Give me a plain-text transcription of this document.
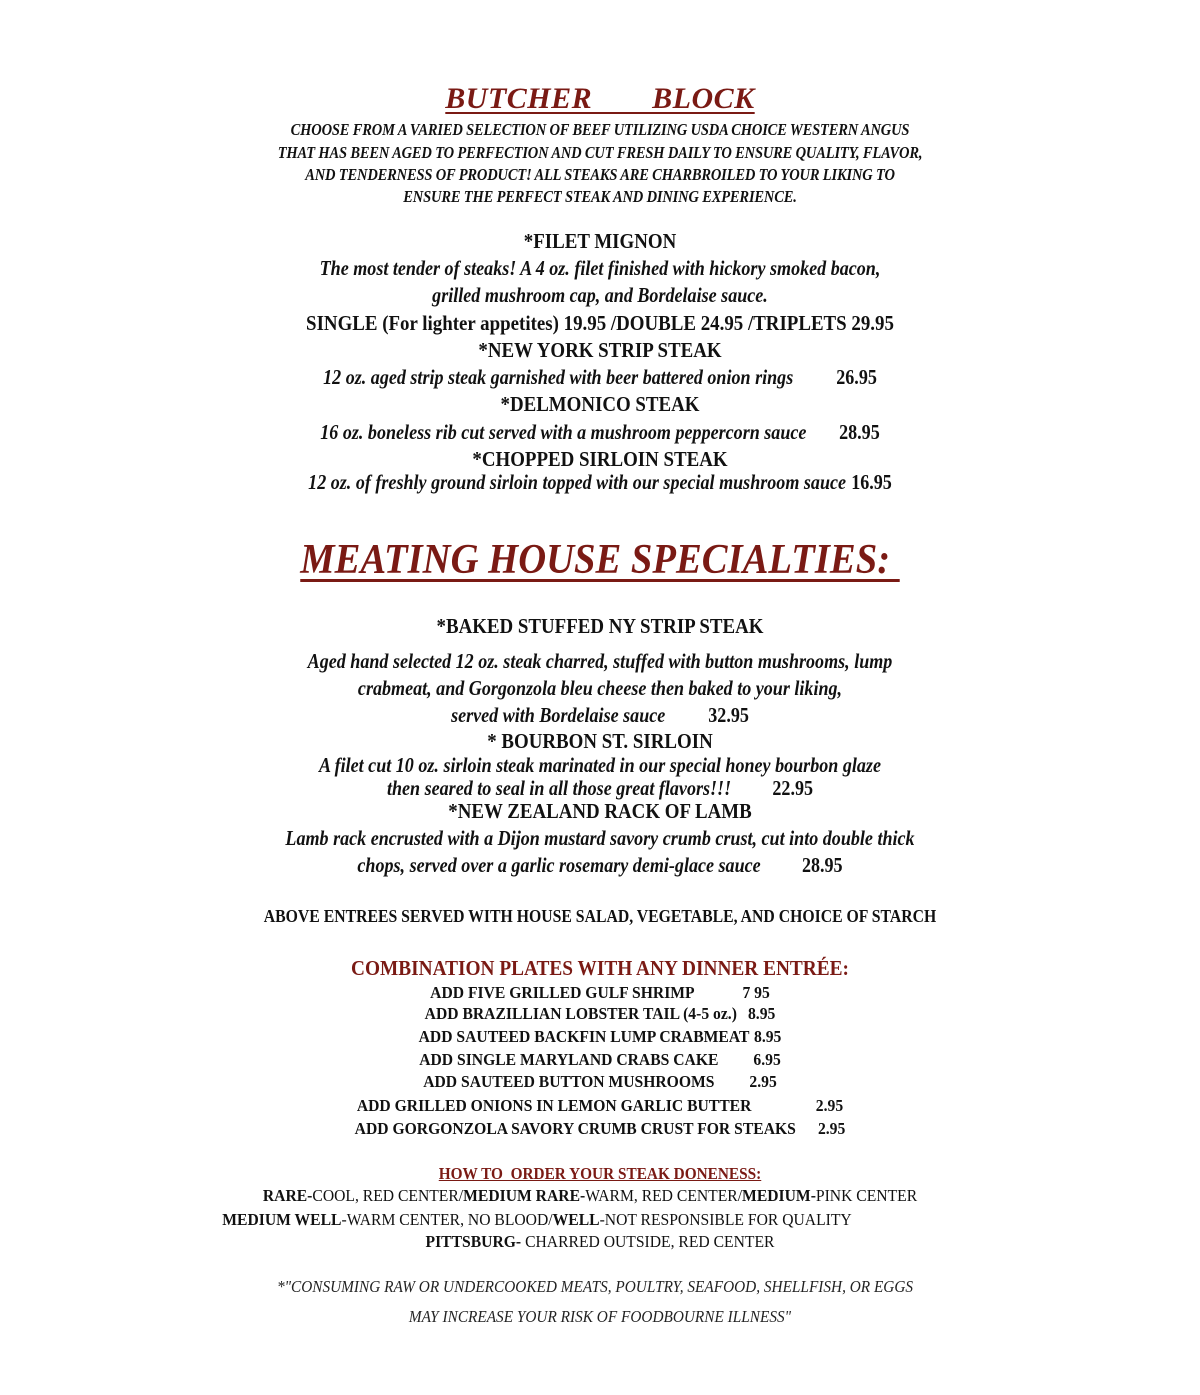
BUTCHER   BLOCK
CHOOSE FROM A VARIED SELECTION OF BEEF UTILIZING USDA CHOICE WESTERN ANGUS
THAT HAS BEEN AGED TO PERFECTION AND CUT FRESH DAILY TO ENSURE QUALITY, FLAVOR,
AND TENDERNESS OF PRODUCT! ALL STEAKS ARE CHARBROILED TO YOUR LIKING TO
ENSURE THE PERFECT STEAK AND DINING EXPERIENCE.
*FILET MIGNON
The most tender of steaks! A 4 oz. filet finished with hickory smoked bacon,
grilled mushroom cap, and Bordelaise sauce.
SINGLE (For lighter appetites) 19.95 /DOUBLE 24.95 /TRIPLETS 29.95
*NEW YORK STRIP STEAK
12 oz. aged strip steak garnished with beer battered onion rings 26.95
*DELMONICO STEAK
16 oz. boneless rib cut served with a mushroom peppercorn sauce 28.95
*CHOPPED SIRLOIN STEAK
12 oz. of freshly ground sirloin topped with our special mushroom sauce 16.95
MEATING HOUSE SPECIALTIES:
*BAKED STUFFED NY STRIP STEAK
Aged hand selected 12 oz. steak charred, stuffed with button mushrooms, lump
crabmeat, and Gorgonzola bleu cheese then baked to your liking,
served with Bordelaise sauce 32.95
* BOURBON ST. SIRLOIN
A filet cut 10 oz. sirloin steak marinated in our special honey bourbon glaze
then seared to seal in all those great flavors!!! 22.95
*NEW ZEALAND RACK OF LAMB
Lamb rack encrusted with a Dijon mustard savory crumb crust, cut into double thick
chops, served over a garlic rosemary demi-glace sauce 28.95
ABOVE ENTREES SERVED WITH HOUSE SALAD, VEGETABLE, AND CHOICE OF STARCH
COMBINATION PLATES WITH ANY DINNER ENTRÉE:
ADD FIVE GRILLED GULF SHRIMP	7 95
ADD BRAZILLIAN LOBSTER TAIL (4-5 oz.) 8.95
ADD SAUTEED BACKFIN LUMP CRABMEAT 8.95
ADD SINGLE MARYLAND CRABS CAKE 6.95
ADD SAUTEED BUTTON MUSHROOMS 2.95
ADD GRILLED ONIONS IN LEMON GARLIC BUTTER	2.95
ADD GORGONZOLA SAVORY CRUMB CRUST FOR STEAKS 2.95
HOW TO  ORDER YOUR STEAK DONENESS:
RARE-COOL, RED CENTER/MEDIUM RARE-WARM, RED CENTER/MEDIUM-PINK CENTER
MEDIUM WELL-WARM CENTER, NO BLOOD/WELL-NOT RESPONSIBLE FOR QUALITY
PITTSBURG- CHARRED OUTSIDE, RED CENTER
*"CONSUMING RAW OR UNDERCOOKED MEATS, POULTRY, SEAFOOD, SHELLFISH, OR EGGS
MAY INCREASE YOUR RISK OF FOODBOURNE ILLNESS"
